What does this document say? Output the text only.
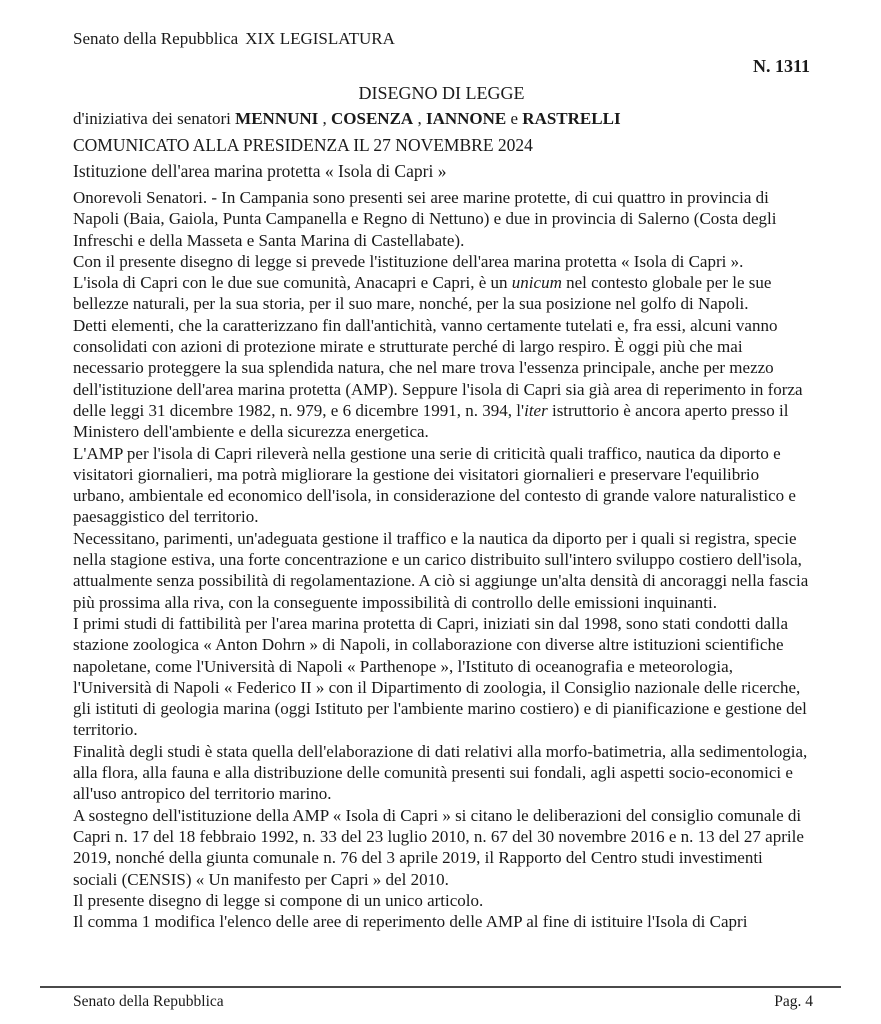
Senato della Repubblica XIX LEGISLATURA
N. 1311
DISEGNO DI LEGGE
d'iniziativa dei senatori MENNUNI , COSENZA , IANNONE e RASTRELLI
COMUNICATO ALLA PRESIDENZA IL 27 NOVEMBRE 2024
Istituzione dell'area marina protetta « Isola di Capri »

Onorevoli Senatori. - In Campania sono presenti sei aree marine protette, di cui quattro in provincia di Napoli (Baia, Gaiola, Punta Campanella e Regno di Nettuno) e due in provincia di Salerno (Costa degli Infreschi e della Masseta e Santa Marina di Castellabate).

Con il presente disegno di legge si prevede l'istituzione dell'area marina protetta « Isola di Capri ».

L'isola di Capri con le due sue comunità, Anacapri e Capri, è un unicum nel contesto globale per le sue bellezze naturali, per la sua storia, per il suo mare, nonché, per la sua posizione nel golfo di Napoli.

Detti elementi, che la caratterizzano fin dall'antichità, vanno certamente tutelati e, fra essi, alcuni vanno consolidati con azioni di protezione mirate e strutturate perché di largo respiro. È oggi più che mai necessario proteggere la sua splendida natura, che nel mare trova l'essenza principale, anche per mezzo dell'istituzione dell'area marina protetta (AMP). Seppure l'isola di Capri sia già area di reperimento in forza delle leggi 31 dicembre 1982, n. 979, e 6 dicembre 1991, n. 394, l'iter istruttorio è ancora aperto presso il Ministero dell'ambiente e della sicurezza energetica.

L'AMP per l'isola di Capri rileverà nella gestione una serie di criticità quali traffico, nautica da diporto e visitatori giornalieri, ma potrà migliorare la gestione dei visitatori giornalieri e preservare l'equilibrio urbano, ambientale ed economico dell'isola, in considerazione del contesto di grande valore naturalistico e paesaggistico del territorio.

Necessitano, parimenti, un'adeguata gestione il traffico e la nautica da diporto per i quali si registra, specie nella stagione estiva, una forte concentrazione e un carico distribuito sull'intero sviluppo costiero dell'isola, attualmente senza possibilità di regolamentazione. A ciò si aggiunge un'alta densità di ancoraggi nella fascia più prossima alla riva, con la conseguente impossibilità di controllo delle emissioni inquinanti.

I primi studi di fattibilità per l'area marina protetta di Capri, iniziati sin dal 1998, sono stati condotti dalla stazione zoologica « Anton Dohrn » di Napoli, in collaborazione con diverse altre istituzioni scientifiche napoletane, come l'Università di Napoli « Parthenope », l'Istituto di oceanografia e meteorologia, l'Università di Napoli « Federico II » con il Dipartimento di zoologia, il Consiglio nazionale delle ricerche, gli istituti di geologia marina (oggi Istituto per l'ambiente marino costiero) e di pianificazione e gestione del territorio.

Finalità degli studi è stata quella dell'elaborazione di dati relativi alla morfo-batimetria, alla sedimentologia, alla flora, alla fauna e alla distribuzione delle comunità presenti sui fondali, agli aspetti socio-economici e all'uso antropico del territorio marino.

A sostegno dell'istituzione della AMP « Isola di Capri » si citano le deliberazioni del consiglio comunale di Capri n. 17 del 18 febbraio 1992, n. 33 del 23 luglio 2010, n. 67 del 30 novembre 2016 e n. 13 del 27 aprile 2019, nonché della giunta comunale n. 76 del 3 aprile 2019, il Rapporto del Centro studi investimenti sociali (CENSIS) « Un manifesto per Capri » del 2010.

Il presente disegno di legge si compone di un unico articolo.

Il comma 1 modifica l'elenco delle aree di reperimento delle AMP al fine di istituire l'Isola di Capri

Senato della Repubblica	Pag. 4
